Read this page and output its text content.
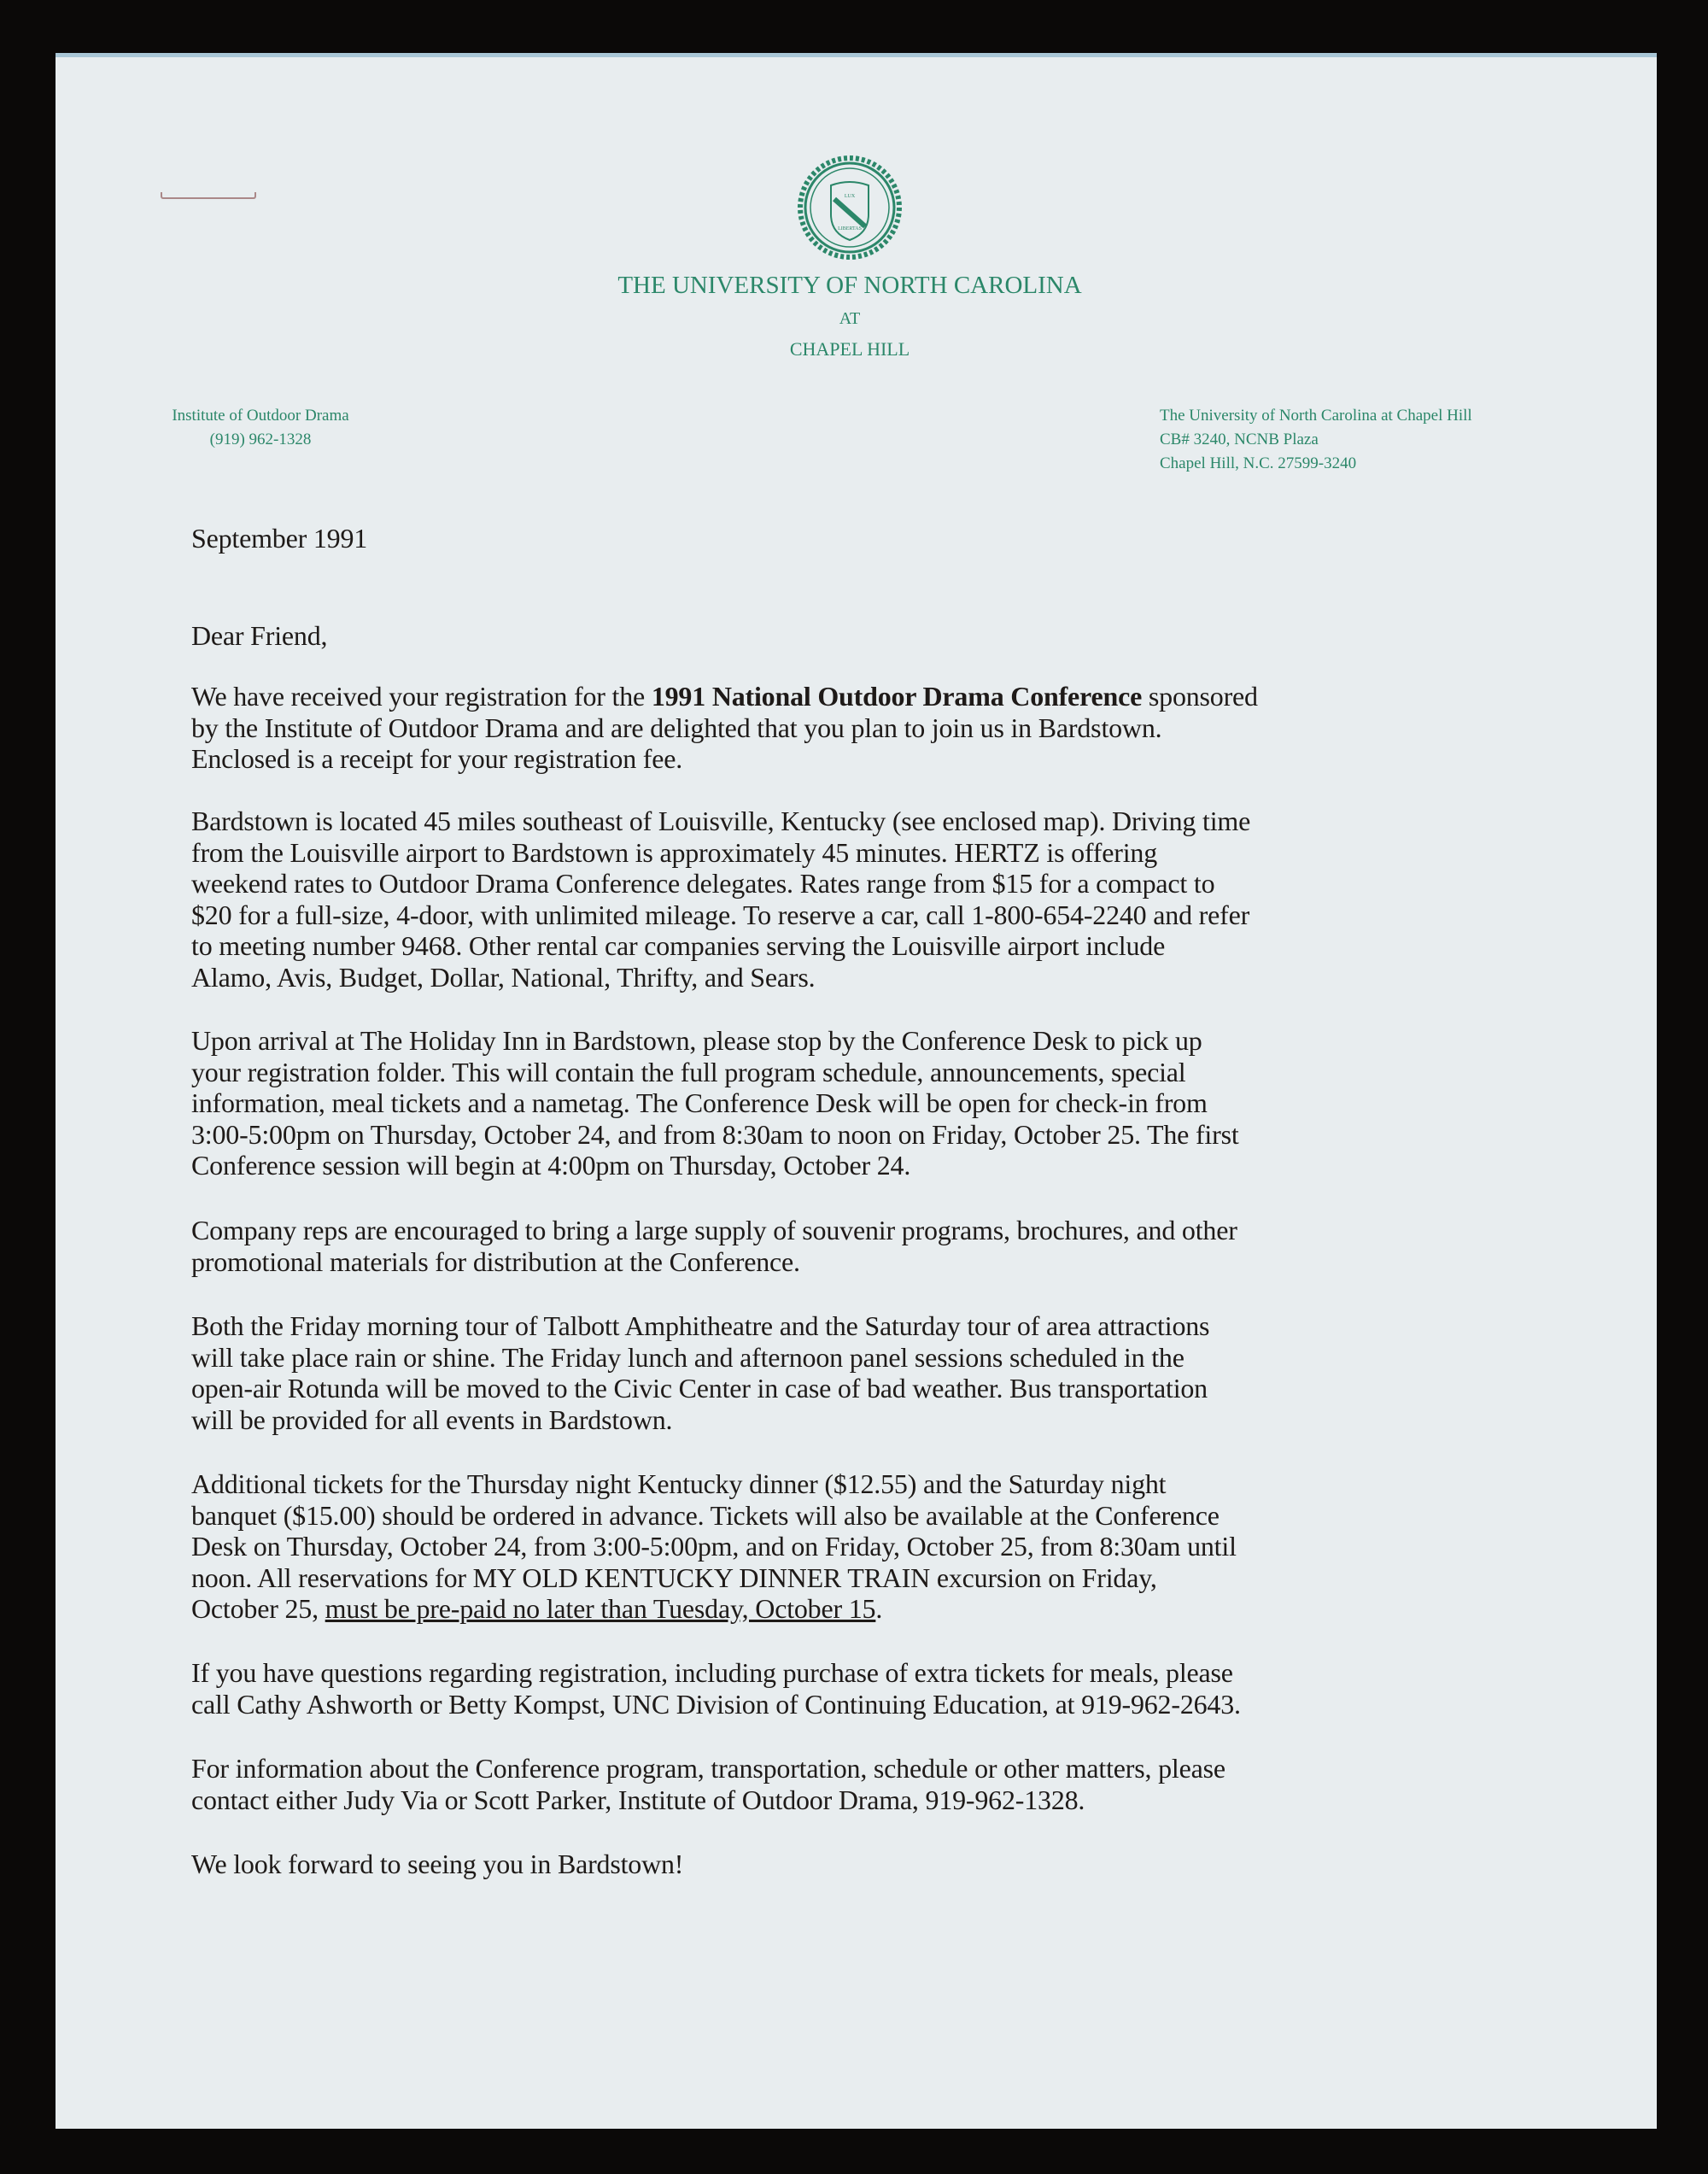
LUX
LIBERTAS
THE UNIVERSITY OF NORTH CAROLINA
AT
CHAPEL HILL
Institute of Outdoor Drama
(919) 962-1328
The University of North Carolina at Chapel Hill
CB# 3240, NCNB Plaza
Chapel Hill, N.C. 27599-3240
September 1991
Dear Friend,
We have received your registration for the 1991 National Outdoor Drama Conference sponsored
by the Institute of Outdoor Drama and are delighted that you plan to join us in Bardstown.
Enclosed is a receipt for your registration fee.
Bardstown is located 45 miles southeast of Louisville, Kentucky (see enclosed map). Driving time
from the Louisville airport to Bardstown is approximately 45 minutes. HERTZ is offering
weekend rates to Outdoor Drama Conference delegates. Rates range from $15 for a compact to
$20 for a full-size, 4-door, with unlimited mileage. To reserve a car, call 1-800-654-2240 and refer
to meeting number 9468. Other rental car companies serving the Louisville airport include
Alamo, Avis, Budget, Dollar, National, Thrifty, and Sears.
Upon arrival at The Holiday Inn in Bardstown, please stop by the Conference Desk to pick up
your registration folder. This will contain the full program schedule, announcements, special
information, meal tickets and a nametag. The Conference Desk will be open for check-in from
3:00-5:00pm on Thursday, October 24, and from 8:30am to noon on Friday, October 25. The first
Conference session will begin at 4:00pm on Thursday, October 24.
Company reps are encouraged to bring a large supply of souvenir programs, brochures, and other
promotional materials for distribution at the Conference.
Both the Friday morning tour of Talbott Amphitheatre and the Saturday tour of area attractions
will take place rain or shine. The Friday lunch and afternoon panel sessions scheduled in the
open-air Rotunda will be moved to the Civic Center in case of bad weather. Bus transportation
will be provided for all events in Bardstown.
Additional tickets for the Thursday night Kentucky dinner ($12.55) and the Saturday night
banquet ($15.00) should be ordered in advance. Tickets will also be available at the Conference
Desk on Thursday, October 24, from 3:00-5:00pm, and on Friday, October 25, from 8:30am until
noon. All reservations for MY OLD KENTUCKY DINNER TRAIN excursion on Friday,
October 25, must be pre-paid no later than Tuesday, October 15.
If you have questions regarding registration, including purchase of extra tickets for meals, please
call Cathy Ashworth or Betty Kompst, UNC Division of Continuing Education, at 919-962-2643.
For information about the Conference program, transportation, schedule or other matters, please
contact either Judy Via or Scott Parker, Institute of Outdoor Drama, 919-962-1328.
We look forward to seeing you in Bardstown!
